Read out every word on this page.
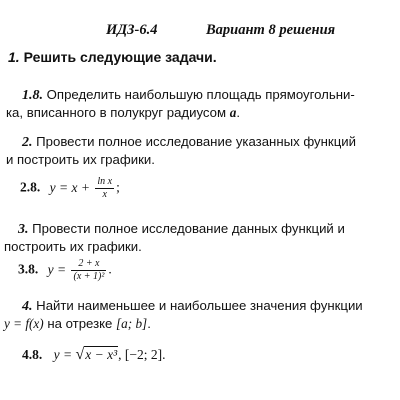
ИДЗ-6.4	Вариант 8 решения
1. Решить следующие задачи.
1.8. Определить наибольшую площадь прямоугольни-
ка, вписанного в полукруг радиусом a.
2. Провести полное исследование указанных функций
и построить их графики.
2.8. $y = x + \frac{\text{ln x}}{x}$ ;
3. Провести полное исследование данных функций и
построить их графики.
3.8. $y = \frac{2 + x}{\text{(x + 1)²}}$ .
4. Найти наименьшее и наибольшее значения функции
y = f(x) на отрезке [a; b].
4.8. y = √x − x³, [−2; 2].
